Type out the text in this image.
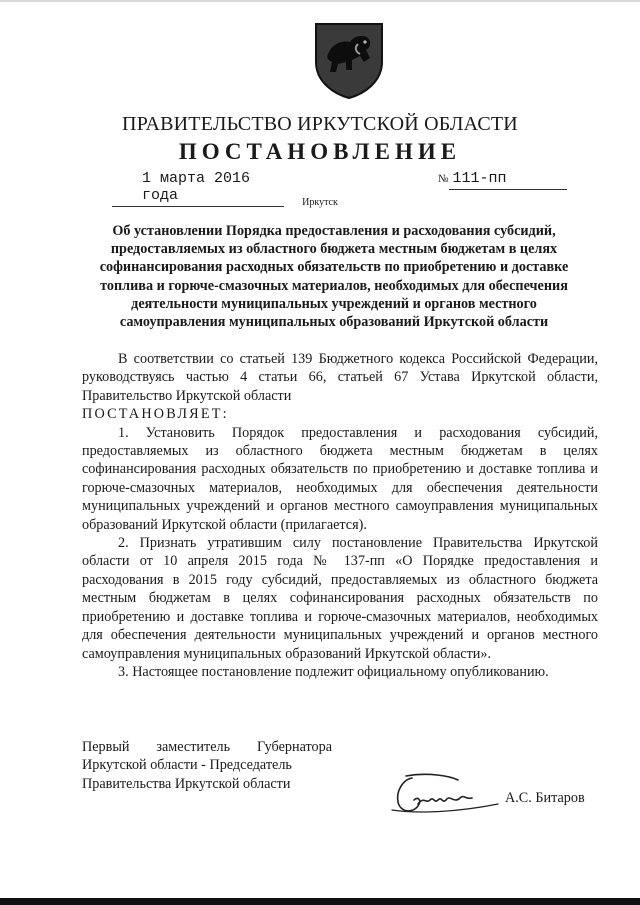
ПРАВИТЕЛЬСТВО ИРКУТСКОЙ ОБЛАСТИ
ПОСТАНОВЛЕНИЕ
1 марта 2016 года
№ 111-пп
Иркутск
Об установлении Порядка предоставления и расходования субсидий, предоставляемых из областного бюджета местным бюджетам в целях софинансирования расходных обязательств по приобретению и доставке топлива и горюче-смазочных материалов, необходимых для обеспечения деятельности муниципальных учреждений и органов местного самоуправления муниципальных образований Иркутской области

В соответствии со статьей 139 Бюджетного кодекса Российской Федерации, руководствуясь частью 4 статьи 66, статьей 67 Устава Иркутской области, Правительство Иркутской области

ПОСТАНОВЛЯЕТ:

1. Установить Порядок предоставления и расходования субсидий, предоставляемых из областного бюджета местным бюджетам в целях софинансирования расходных обязательств по приобретению и доставке топлива и горюче-смазочных материалов, необходимых для обеспечения деятельности муниципальных учреждений и органов местного самоуправления муниципальных образований Иркутской области (прилагается).

2. Признать утратившим силу постановление Правительства Иркутской области от 10 апреля 2015 года № 137-пп «О Порядке предоставления и расходования в 2015 году субсидий, предоставляемых из областного бюджета местным бюджетам в целях софинансирования расходных обязательств по приобретению и доставке топлива и горюче-смазочных материалов, необходимых для обеспечения деятельности муниципальных учреждений и органов местного самоуправления муниципальных образований Иркутской области».

3. Настоящее постановление подлежит официальному опубликованию.

Первый заместитель Губернатора
Иркутской области - Председатель
Правительства Иркутской области
А.С. Битаров
